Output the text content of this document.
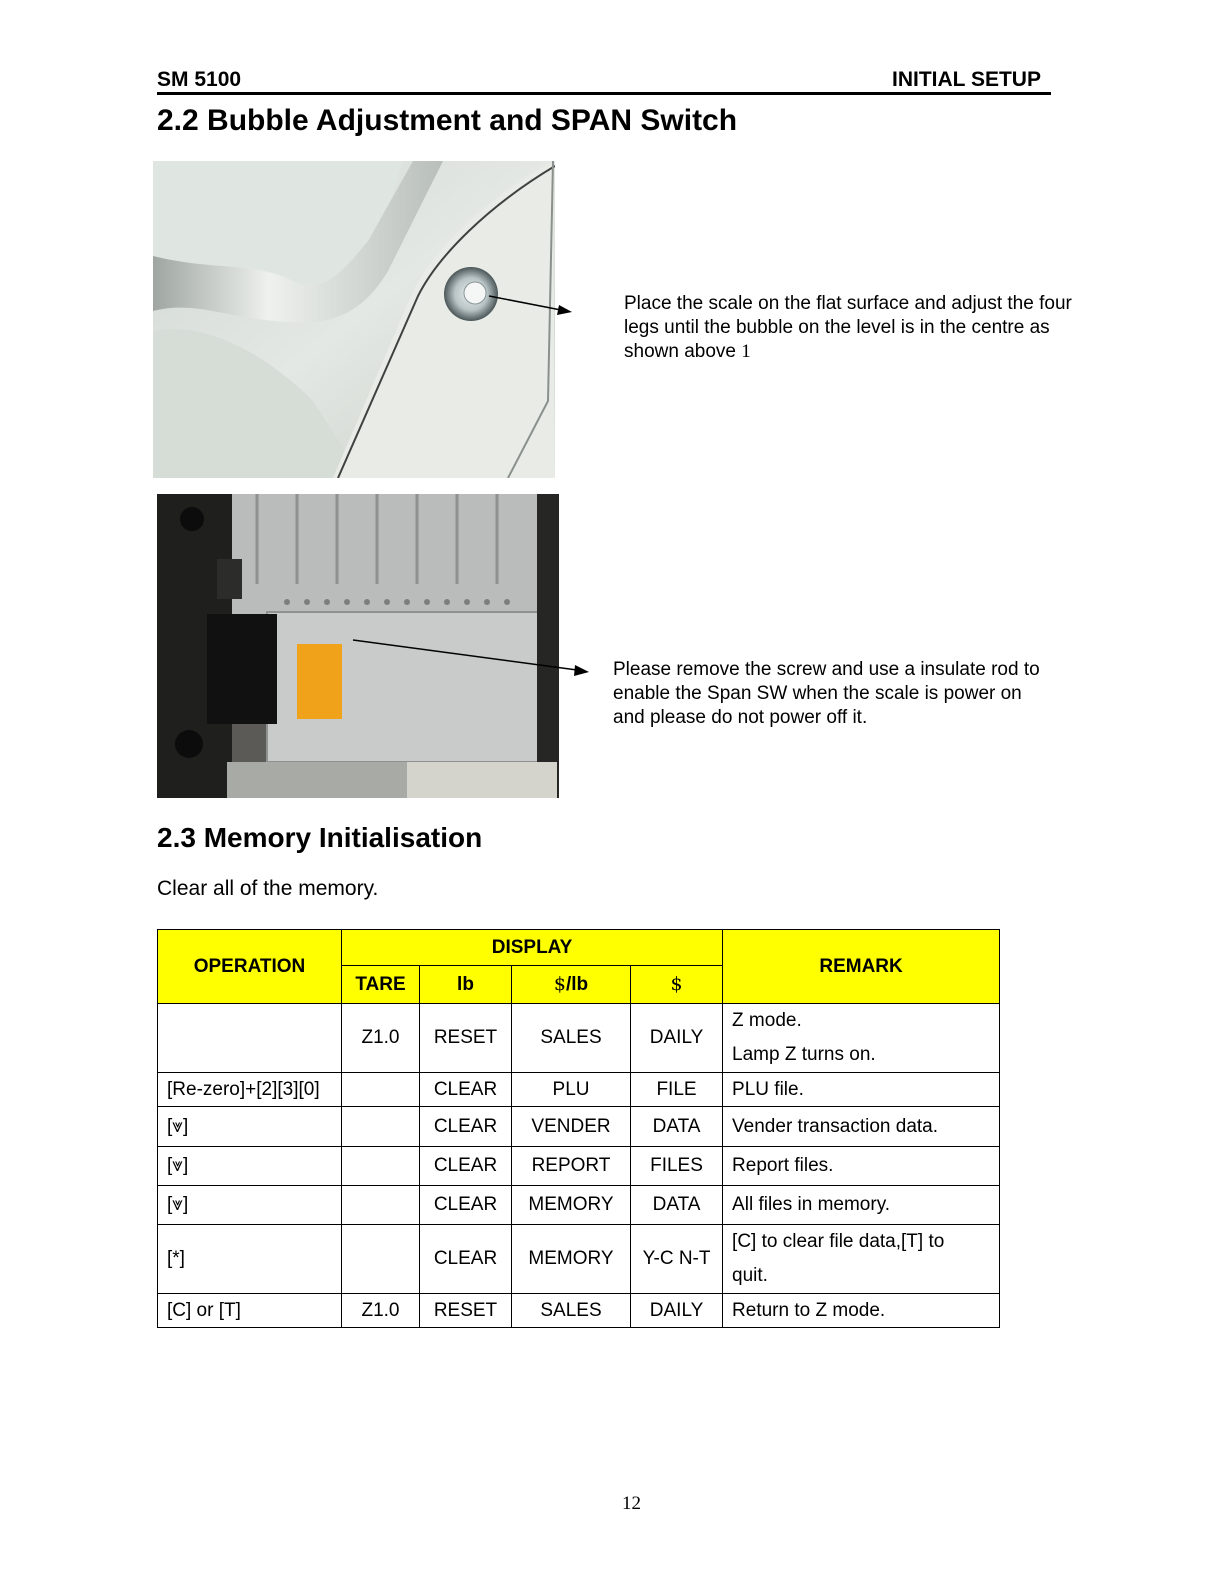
SM 5100	INITIAL SETUP
2.2 Bubble Adjustment and SPAN Switch
Place the scale on the flat surface and adjust the four legs until the bubble on the level is in the centre as shown above 1
Please remove the screw and use a insulate rod to enable the Span SW when the scale is power on and please do not power off it.
2.3 Memory Initialisation
Clear all of the memory.
OPERATION	DISPLAY				REMARK
	TARE	lb	$/lb	$	
	Z1.0	RESET	SALES	DAILY	Z mode.
Lamp Z turns on.

[Re-zero]+[2][3][0]		CLEAR	PLU	FILE	PLU file.
[⩔]		CLEAR	VENDER	DATA	Vender transaction data.
[⩔]		CLEAR	REPORT	FILES	Report files.
[⩔]		CLEAR	MEMORY	DATA	All files in memory.
[*]		CLEAR	MEMORY	Y-C N-T	[C] to clear file data,[T] to
quit.

[C] or [T]	Z1.0	RESET	SALES	DAILY	Return to Z mode.
12
